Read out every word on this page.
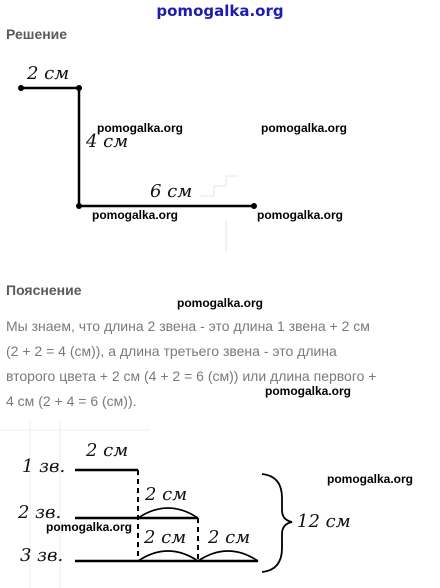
pomogalka.org
Решение
2 см
4 см
6 см
pomogalka.org	pomogalka.org
pomogalka.org	pomogalka.org
Пояснение
pomogalka.org
Мы знаем, что длина 2 звена - это длина 1 звена + 2 см
(2 + 2 = 4 (см)), а длина третьего звена - это длина
второго цвета + 2 см (4 + 2 = 6 (см)) или длина первого +
4 см (2 + 4 = 6 (см)).
pomogalka.org
2 см
1 зв.
2 см
2 зв.
2 см 2 см
3 зв.
12 см
pomogalka.org
pomogalka.org
